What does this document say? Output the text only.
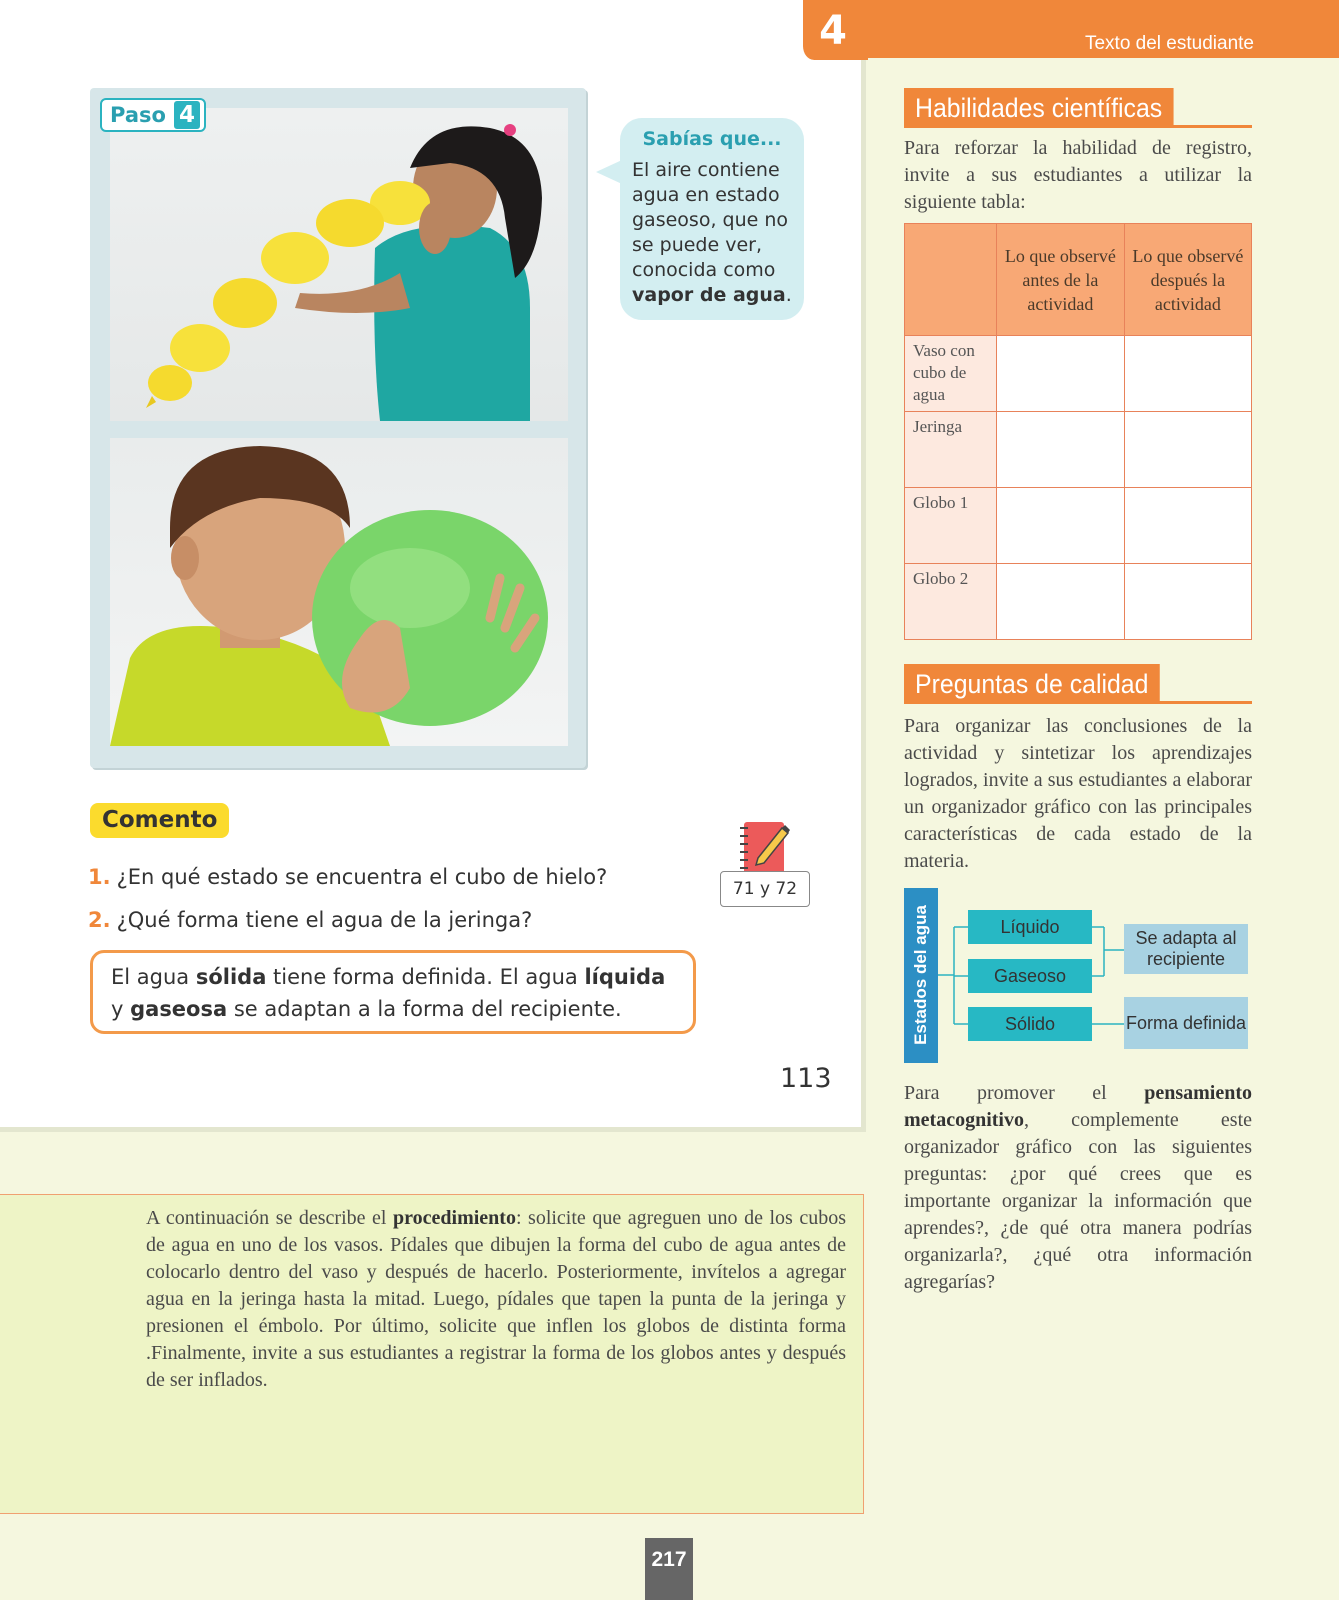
Paso 4
Sabías que...
El aire contiene agua en estado gaseoso, que no se puede ver, conocida como vapor de agua.
Comento
1. ¿En qué estado se encuentra el cubo de hielo?
2. ¿Qué forma tiene el agua de la jeringa?
El agua sólida tiene forma definida. El agua líquida y gaseosa se adaptan a la forma del recipiente.
71 y 72
113
Texto del estudiante
4
Habilidades científicas
Para reforzar la habilidad de registro, invite a sus estudiantes a utilizar la siguiente tabla:
	Lo que observé antes de la actividad	Lo que observé después la actividad
Vaso con cubo de agua		
Jeringa		
Globo 1		
Globo 2		
Preguntas de calidad
Para organizar las conclusiones de la actividad y sintetizar los aprendizajes logrados, invite a sus estudiantes a elaborar un organizador gráfico con las principales características de cada estado de la materia.
Estados del agua	Líquido
Gaseoso
Sólido
Se adapta al recipiente
Forma definida
Para promover el pensamiento metacognitivo, complemente este organizador gráfico con las siguientes preguntas: ¿por qué crees que es importante organizar la información que aprendes?, ¿de qué otra manera podrías organizarla?, ¿qué otra información agregarías?
A continuación se describe el procedimiento: solicite que agreguen uno de los cubos de agua en uno de los vasos. Pídales que dibujen la forma del cubo de agua antes de colocarlo dentro del vaso y después de hacerlo. Posteriormente, invítelos a agregar agua en la jeringa hasta la mitad. Luego, pídales que tapen la punta de la jeringa y presionen el émbolo. Por último, solicite que inflen los globos de distinta forma .Finalmente, invite a sus estudiantes a registrar la forma de los globos antes y después de ser inflados.
217
